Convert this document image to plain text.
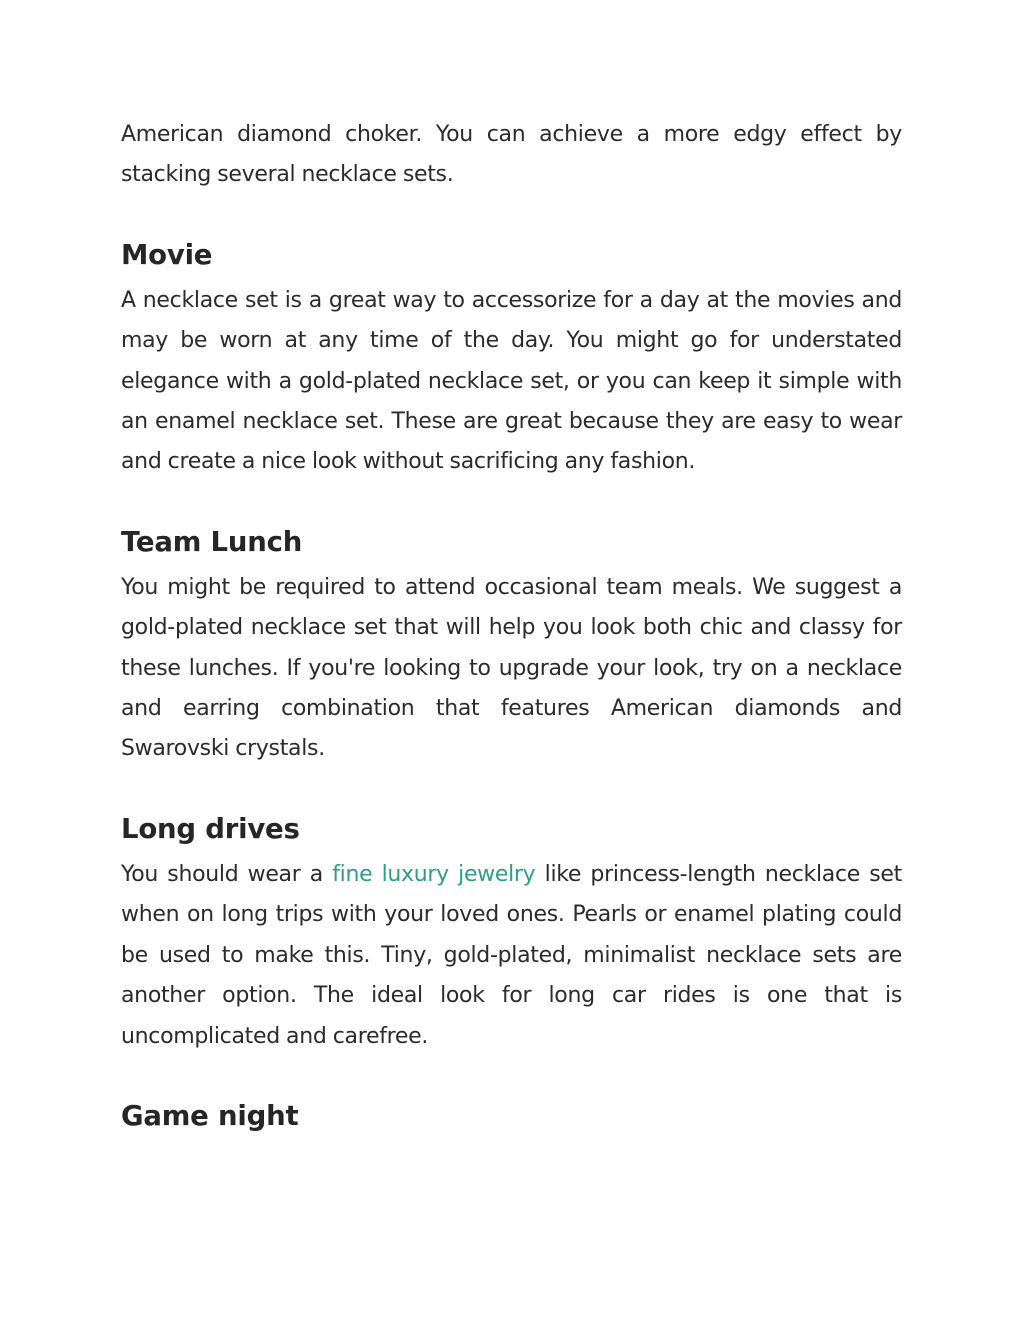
American diamond choker. You can achieve a more edgy effect by stacking several necklace sets.

Movie

A necklace set is a great way to accessorize for a day at the movies and may be worn at any time of the day. You might go for understated elegance with a gold-plated necklace set, or you can keep it simple with an enamel necklace set. These are great because they are easy to wear and create a nice look without sacrificing any fashion.

Team Lunch

You might be required to attend occasional team meals. We suggest a gold-plated necklace set that will help you look both chic and classy for these lunches. If you're looking to upgrade your look, try on a necklace and earring combination that features American diamonds and Swarovski crystals.

Long drives

You should wear a fine luxury jewelry like princess-length necklace set when on long trips with your loved ones. Pearls or enamel plating could be used to make this. Tiny, gold-plated, minimalist necklace sets are another option. The ideal look for long car rides is one that is uncomplicated and carefree.

Game night
